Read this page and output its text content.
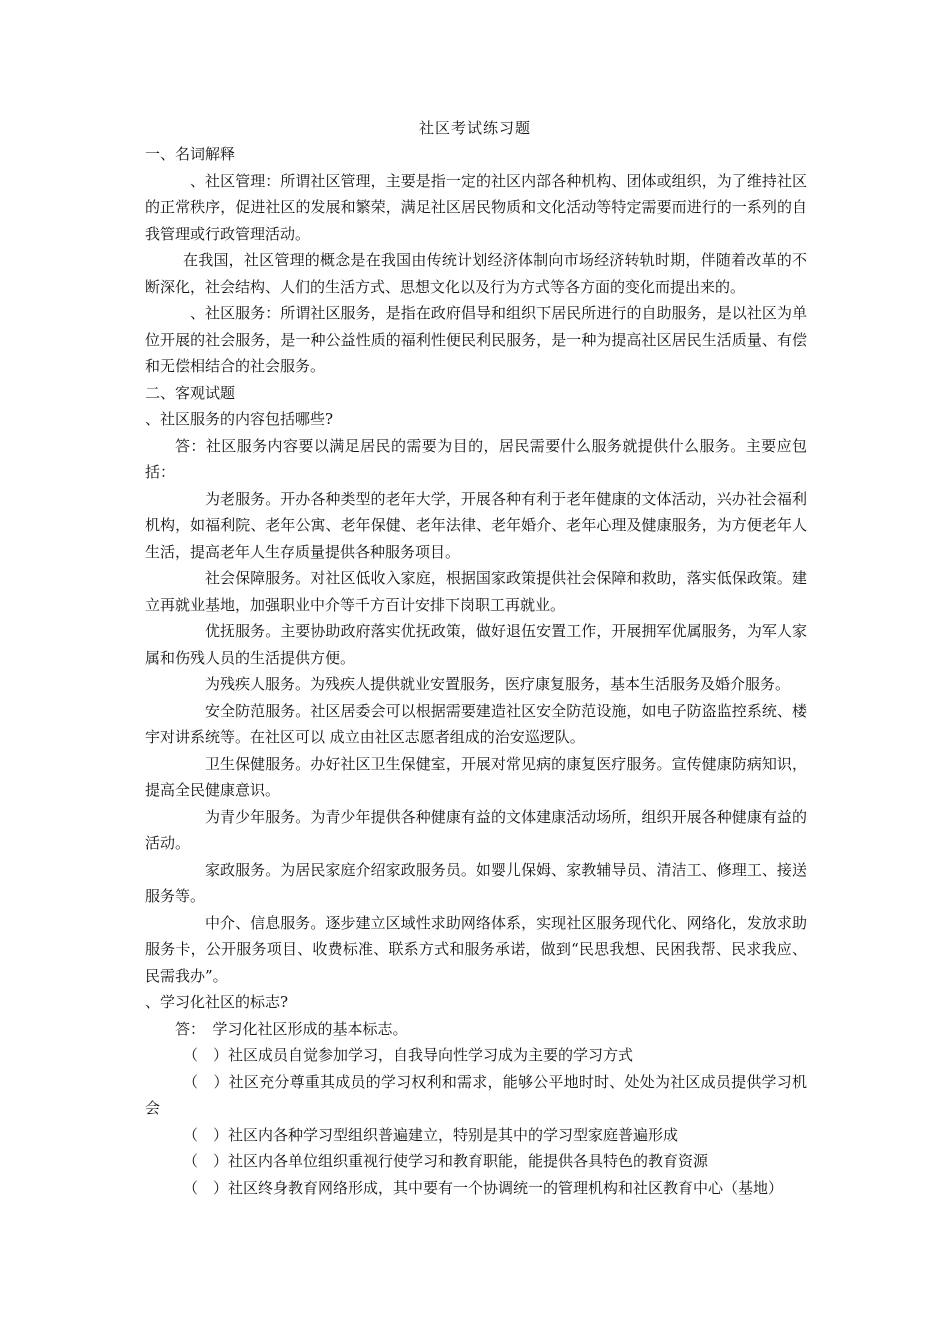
社区考试练习题

一、名词解释

、社区管理：所谓社区管理，主要是指一定的社区内部各种机构、团体或组织，为了维持社区的正常秩序，促进社区的发展和繁荣，满足社区居民物质和文化活动等特定需要而进行的一系列的自我管理或行政管理活动。

在我国，社区管理的概念是在我国由传统计划经济体制向市场经济转轨时期，伴随着改革的不断深化，社会结构、人们的生活方式、思想文化以及行为方式等各方面的变化而提出来的。

、社区服务：所谓社区服务，是指在政府倡导和组织下居民所进行的自助服务，是以社区为单位开展的社会服务，是一种公益性质的福利性便民利民服务，是一种为提高社区居民生活质量、有偿和无偿相结合的社会服务。

二、客观试题

、社区服务的内容包括哪些?

答：社区服务内容要以满足居民的需要为目的，居民需要什么服务就提供什么服务。主要应包括：

为老服务。开办各种类型的老年大学，开展各种有利于老年健康的文体活动，兴办社会福利机构，如福利院、老年公寓、老年保健、老年法律、老年婚介、老年心理及健康服务，为方便老年人生活，提高老年人生存质量提供各种服务项目。

社会保障服务。对社区低收入家庭，根据国家政策提供社会保障和救助，落实低保政策。建立再就业基地，加强职业中介等千方百计安排下岗职工再就业。

优抚服务。主要协助政府落实优抚政策，做好退伍安置工作，开展拥军优属服务，为军人家属和伤残人员的生活提供方便。

为残疾人服务。为残疾人提供就业安置服务，医疗康复服务，基本生活服务及婚介服务。

安全防范服务。社区居委会可以根据需要建造社区安全防范设施，如电子防盗监控系统、楼宇对讲系统等。在社区可以 成立由社区志愿者组成的治安巡逻队。

卫生保健服务。办好社区卫生保健室，开展对常见病的康复医疗服务。宣传健康防病知识，提高全民健康意识。

为青少年服务。为青少年提供各种健康有益的文体建康活动场所，组织开展各种健康有益的活动。

家政服务。为居民家庭介绍家政服务员。如婴儿保姆、家教辅导员、清洁工、修理工、接送服务等。

中介、信息服务。逐步建立区域性求助网络体系，实现社区服务现代化、网络化，发放求助服务卡，公开服务项目、收费标准、联系方式和服务承诺，做到“民思我想、民困我帮、民求我应、民需我办”。

、学习化社区的标志?

答：　学习化社区形成的基本标志。

（　）社区成员自觉参加学习，自我导向性学习成为主要的学习方式

（　）社区充分尊重其成员的学习权利和需求，能够公平地时时、处处为社区成员提供学习机会

（　）社区内各种学习型组织普遍建立，特别是其中的学习型家庭普遍形成

（　）社区内各单位组织重视行使学习和教育职能，能提供各具特色的教育资源

（　）社区终身教育网络形成，其中要有一个协调统一的管理机构和社区教育中心（基地）
